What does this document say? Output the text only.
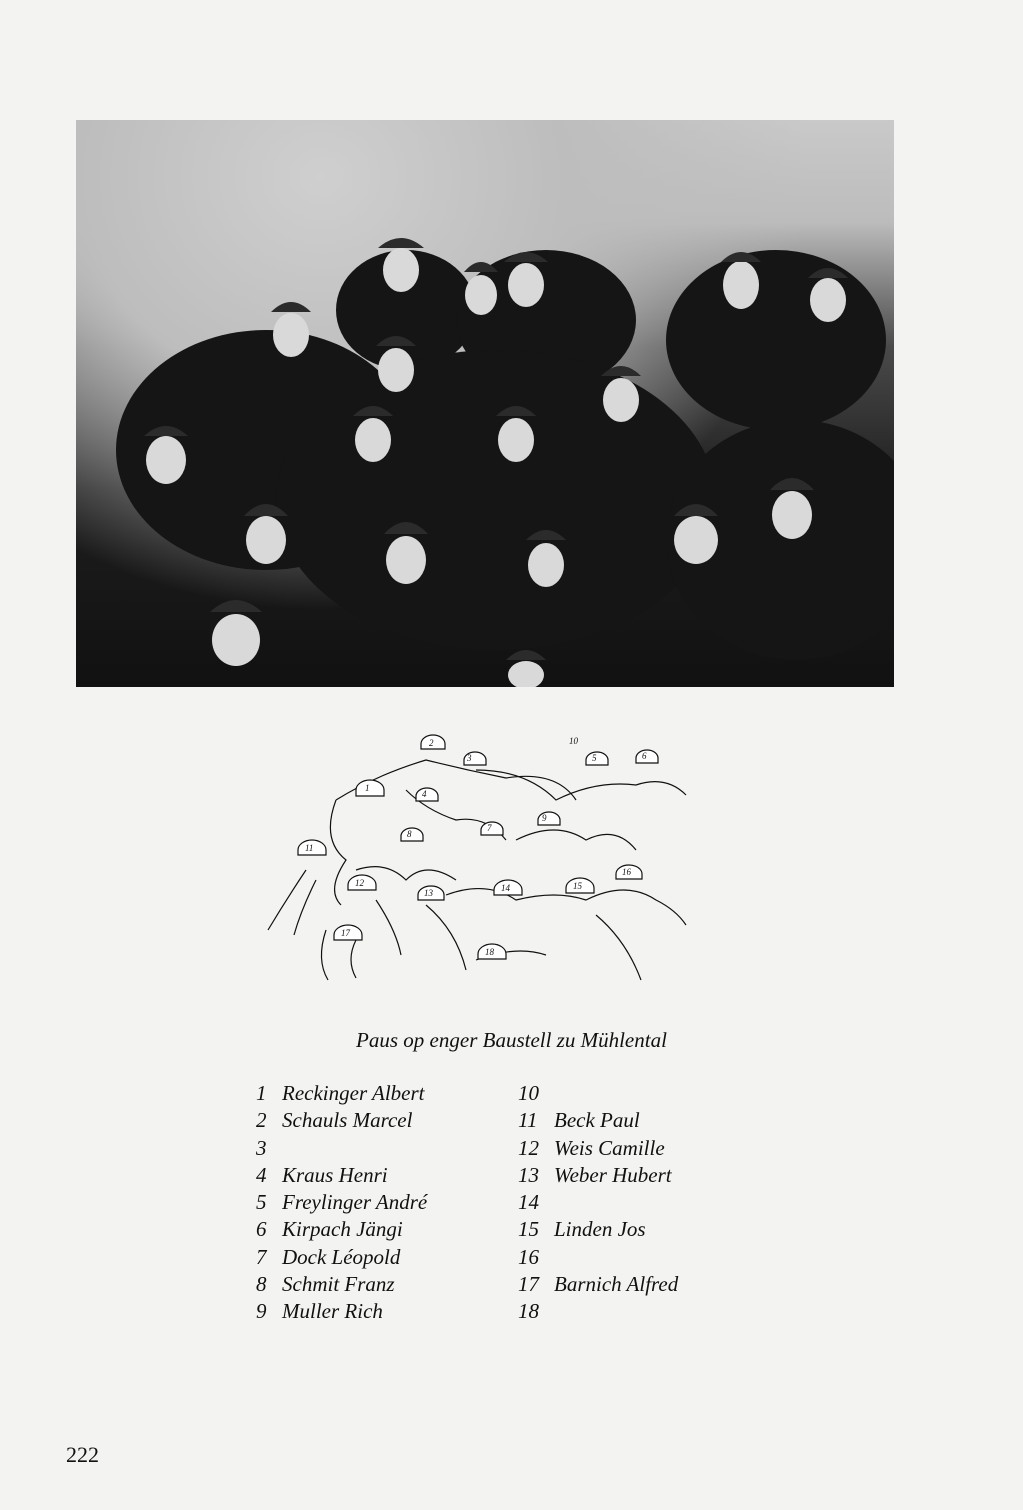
1
2
3
4
5	6
7
8
9
10
11
12
13	14	15
16
17
18
Paus op enger Baustell zu Mühlental
1 Reckinger Albert
2 Schauls Marcel
3
4 Kraus Henri
5 Freylinger André
6 Kirpach Jängi
7 Dock Léopold
8 Schmit Franz
9 Muller Rich
10
11 Beck Paul
12 Weis Camille
13 Weber Hubert
14
15 Linden Jos
16
17 Barnich Alfred
18
222
